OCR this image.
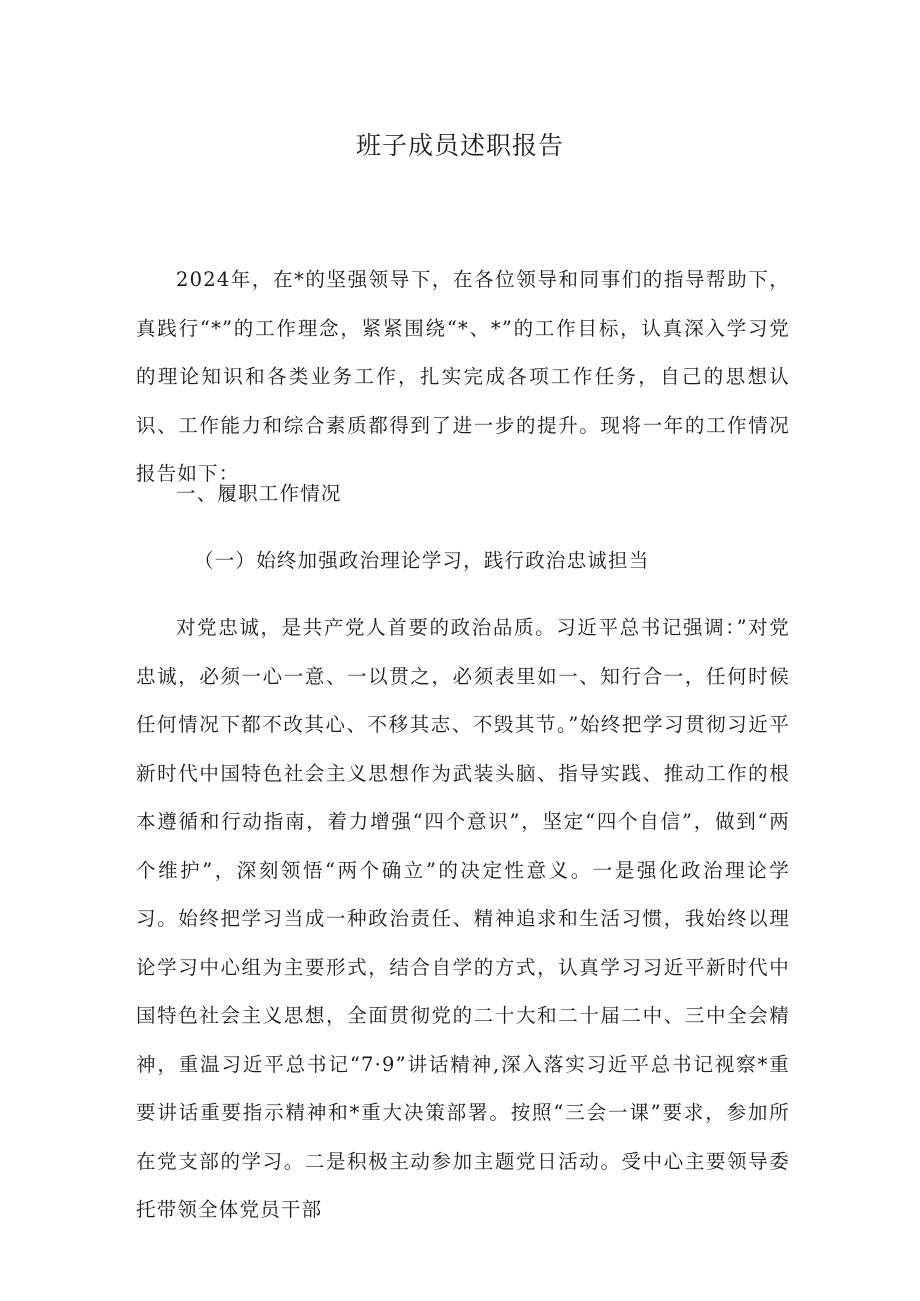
班子成员述职报告

2024年，在*的坚强领导下，在各位领导和同事们的指导帮助下，真践行“*”的工作理念，紧紧围绕“*、*”的工作目标，认真深入学习党的理论知识和各类业务工作，扎实完成各项工作任务，自己的思想认识、工作能力和综合素质都得到了进一步的提升。现将一年的工作情况报告如下：

一、履职工作情况

（一）始终加强政治理论学习，践行政治忠诚担当

对党忠诚，是共产党人首要的政治品质。习近平总书记强调：”对党忠诚，必须一心一意、一以贯之，必须表里如一、知行合一，任何时候任何情况下都不改其心、不移其志、不毁其节。”始终把学习贯彻习近平新时代中国特色社会主义思想作为武装头脑、指导实践、推动工作的根本遵循和行动指南，着力增强“四个意识”，坚定“四个自信”，做到“两个维护”，深刻领悟“两个确立”的决定性意义。一是强化政治理论学习。始终把学习当成一种政治责任、精神追求和生活习惯，我始终以理论学习中心组为主要形式，结合自学的方式，认真学习习近平新时代中国特色社会主义思想，全面贯彻党的二十大和二十届二中、三中全会精神，重温习近平总书记“7·9”讲话精神,深入落实习近平总书记视察*重要讲话重要指示精神和*重大决策部署。按照“三会一课”要求，参加所在党支部的学习。二是积极主动参加主题党日活动。受中心主要领导委托带领全体党员干部
